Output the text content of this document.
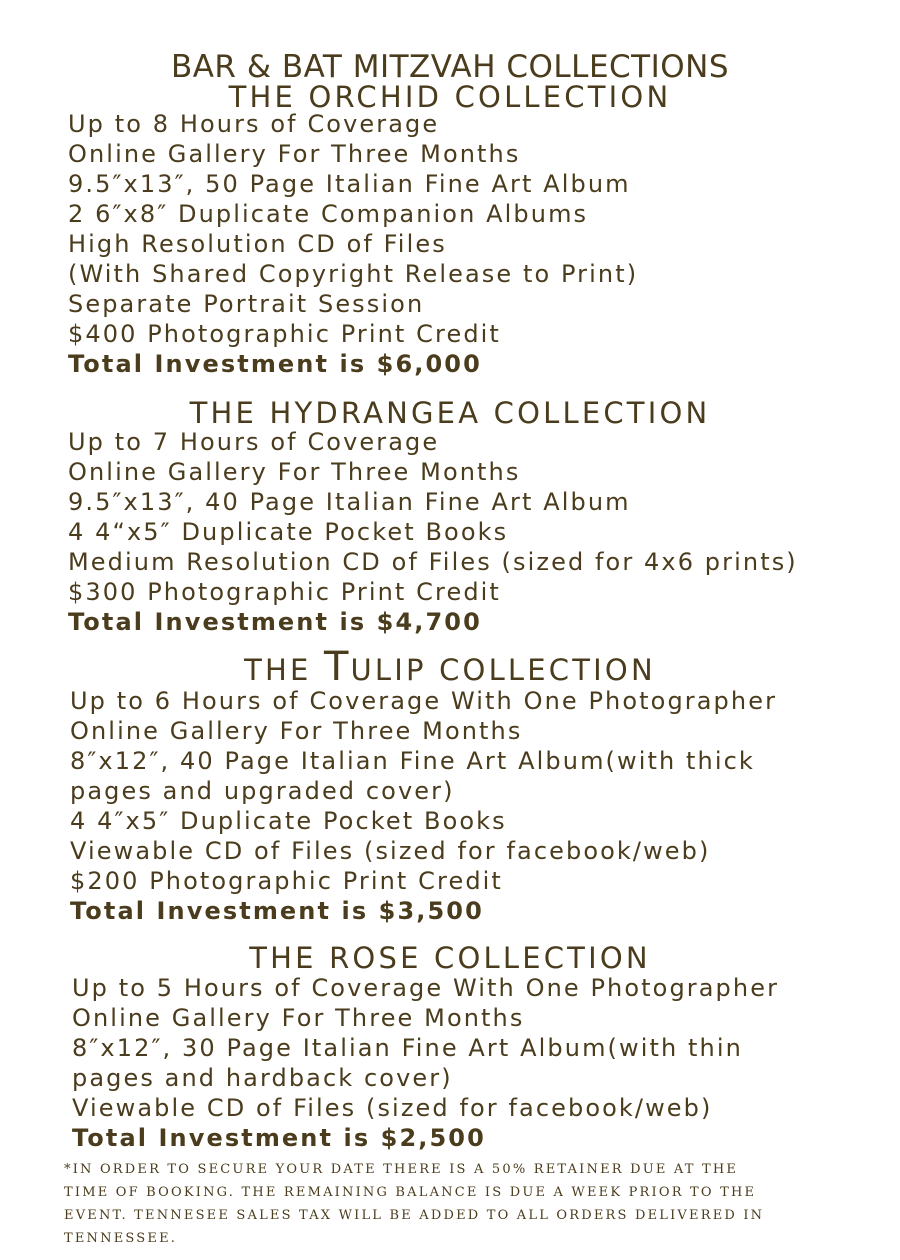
BAR & BAT MITZVAH COLLECTIONS
THE ORCHID COLLECTION
Up to 8 Hours of Coverage
Online Gallery For Three Months
9.5″x13″, 50 Page Italian Fine Art Album
2 6″x8″ Duplicate Companion Albums
High Resolution CD of Files
(With Shared Copyright Release to Print)
Separate Portrait Session
$400 Photographic Print Credit
Total Investment is $6,000
THE HYDRANGEA COLLECTION
Up to 7 Hours of Coverage
Online Gallery For Three Months
9.5″x13″, 40 Page Italian Fine Art Album
4 4“x5″ Duplicate Pocket Books
Medium Resolution CD of Files (sized for 4x6 prints)
$300 Photographic Print Credit
Total Investment is $4,700
THE TULIP COLLECTION
Up to 6 Hours of Coverage With One Photographer
Online Gallery For Three Months
8″x12″, 40 Page Italian Fine Art Album(with thick
pages and upgraded cover)
4 4″x5″ Duplicate Pocket Books
Viewable CD of Files (sized for facebook/web)
$200 Photographic Print Credit
Total Investment is $3,500
THE ROSE COLLECTION
Up to 5 Hours of Coverage With One Photographer
Online Gallery For Three Months
8″x12″, 30 Page Italian Fine Art Album(with thin
pages and hardback cover)
Viewable CD of Files (sized for facebook/web)
Total Investment is $2,500
*IN ORDER TO SECURE YOUR DATE THERE IS A 50% RETAINER DUE AT THE
TIME OF BOOKING. THE REMAINING BALANCE IS DUE A WEEK PRIOR TO THE
EVENT. TENNESEE SALES TAX WILL BE ADDED TO ALL ORDERS DELIVERED IN
TENNESSEE.
